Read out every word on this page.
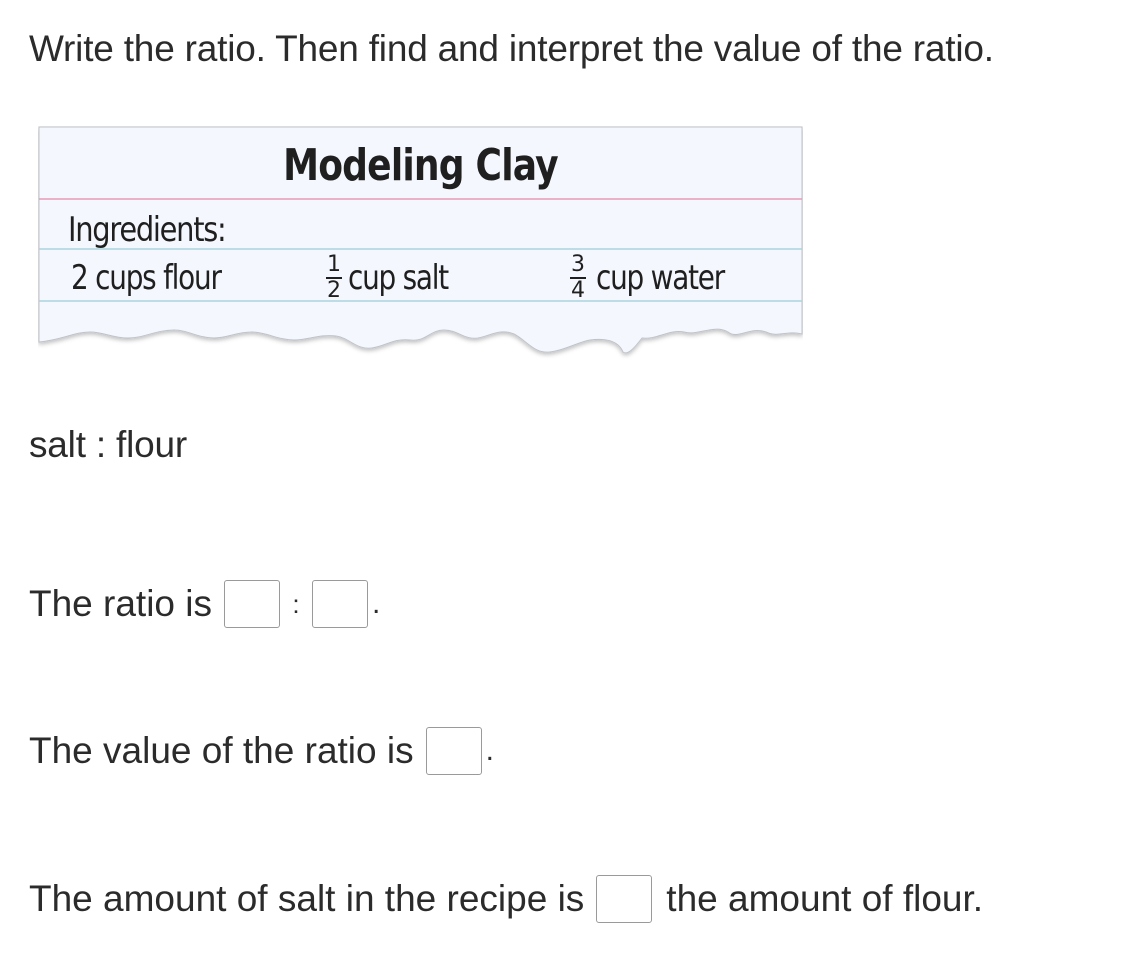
Write the ratio. Then find and interpret the value of the ratio.
Modeling Clay
Ingredients:
2 cups flour	1
2 cup salt	3
4 cup water
salt : flour
The ratio is	:	.
The value of the ratio is .
The amount of salt in the recipe is the amount of flour.
